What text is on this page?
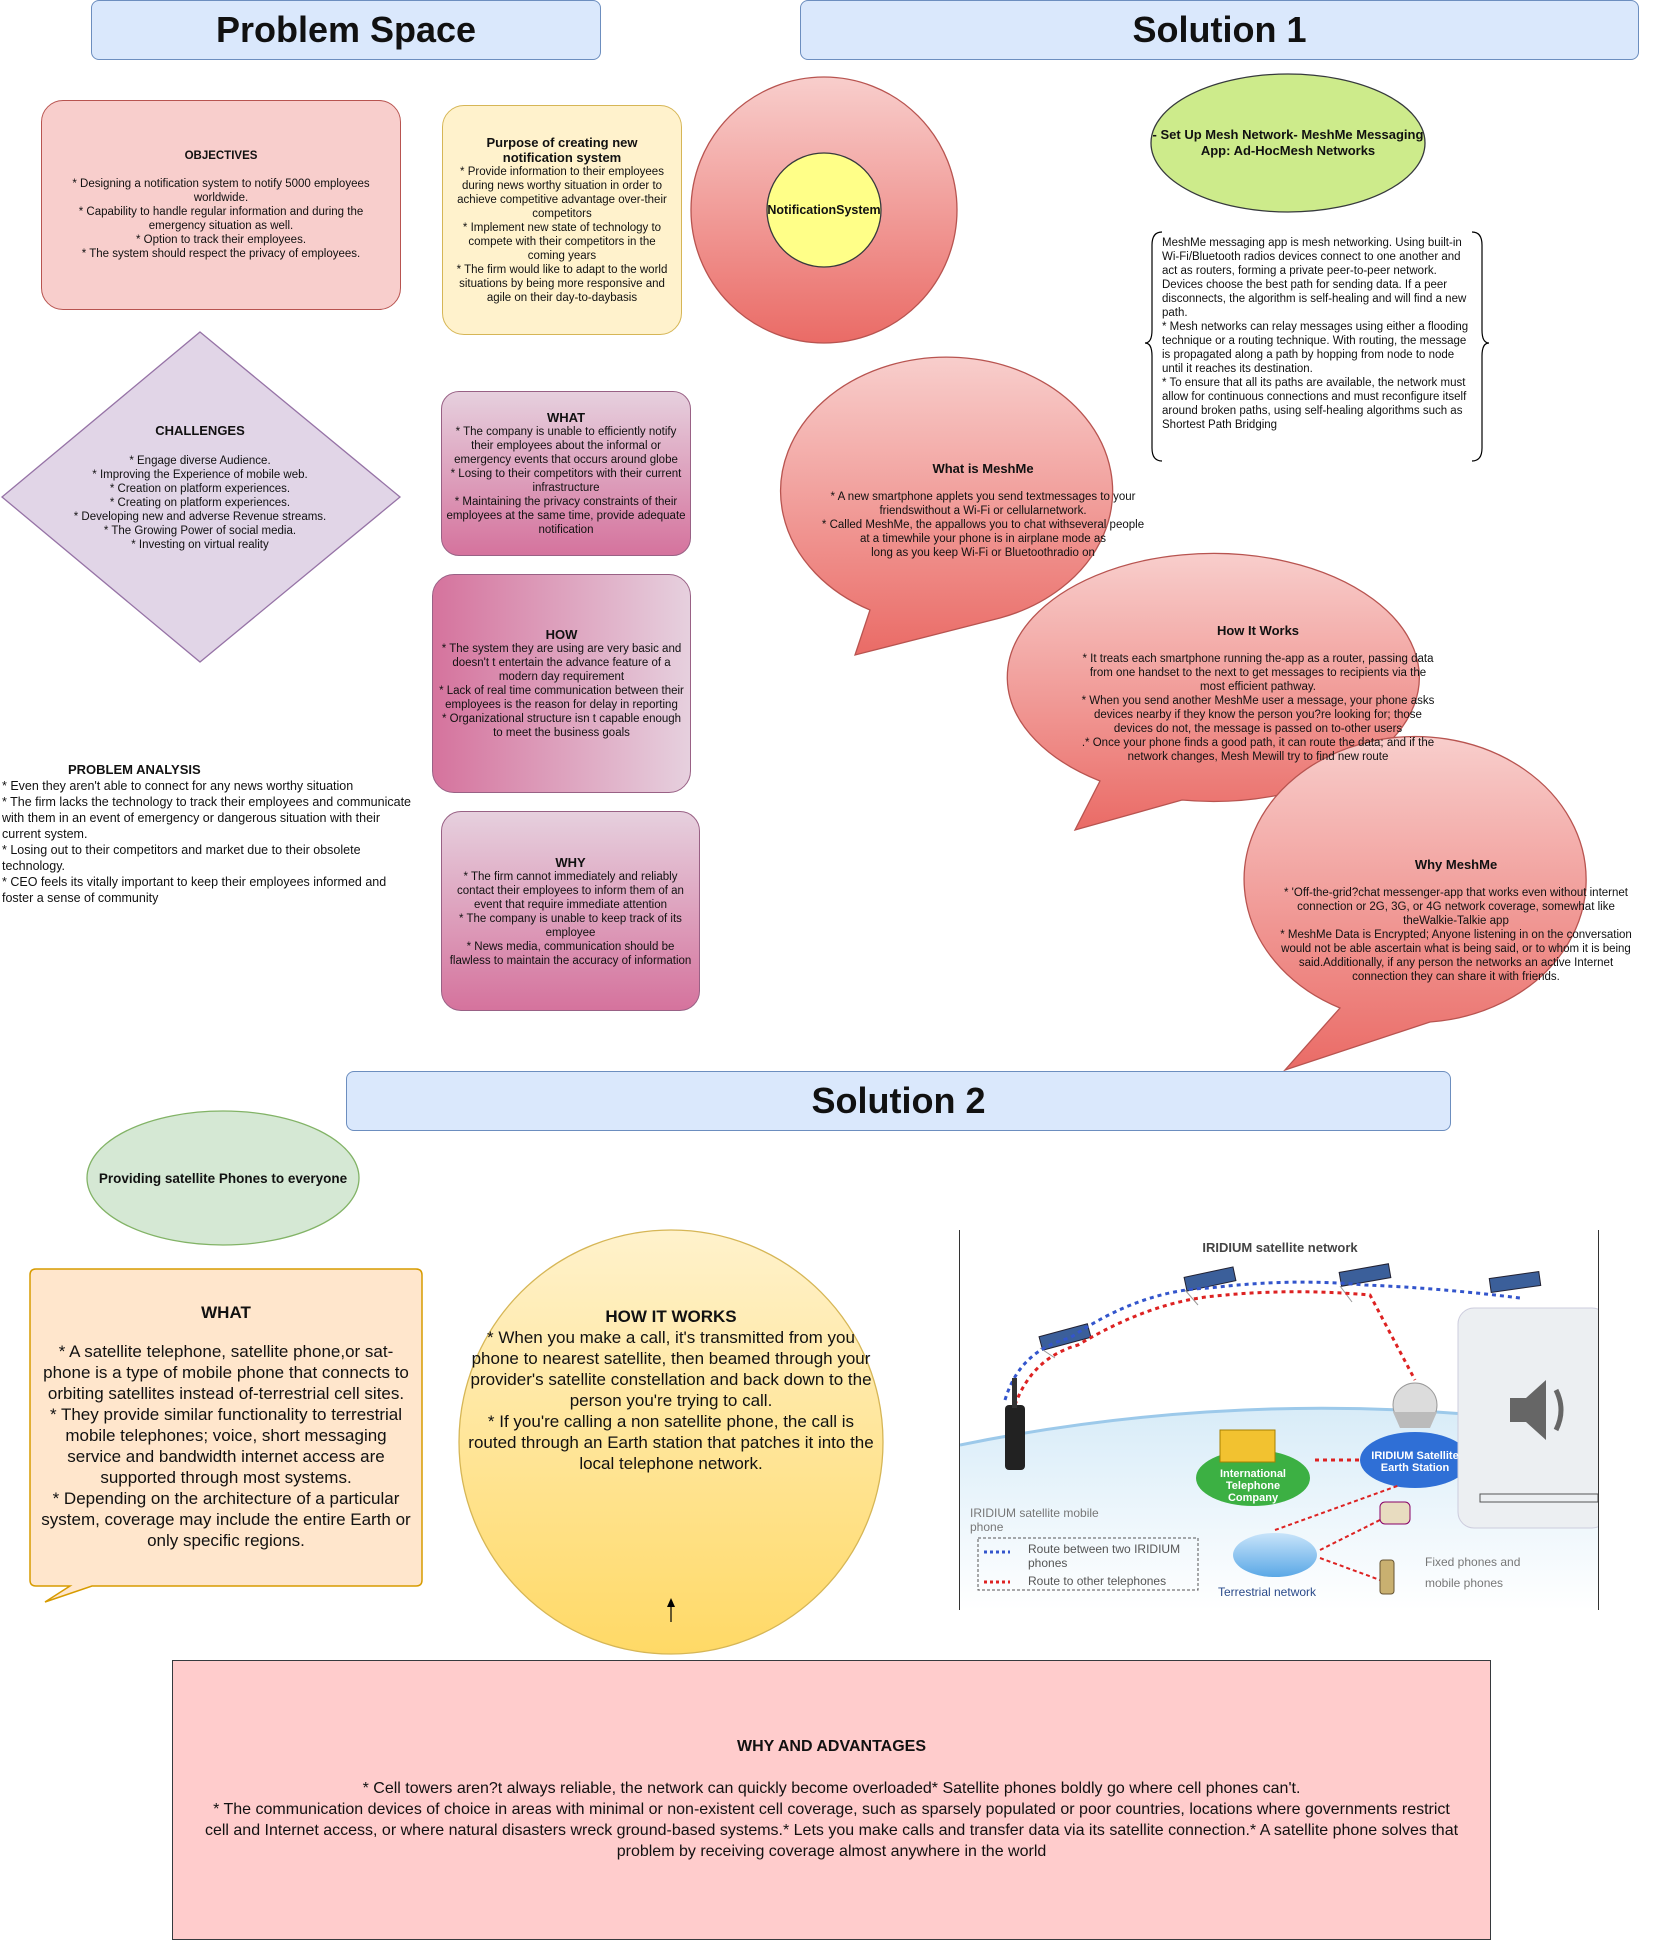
Problem Space	Solution 1
Solution 2
OBJECTIVES
* Designing a notification system to notify 5000 employees worldwide.
* Capability to handle regular information and during the emergency situation as well.
* Option to track their employees.
* The system should respect the privacy of employees.
Purpose of creating new notification system
* Provide information to their employees during news worthy situation in order to achieve competitive advantage over-their competitors
* Implement new state of technology to compete with their competitors in the coming years
* The firm would like to adapt to the world situations by being more responsive and agile on their day-to-daybasis
CHALLENGES
* Engage diverse Audience.
* Improving the Experience of mobile web.
* Creation on platform experiences.
* Creating on platform experiences.
* Developing new and adverse Revenue streams.
* The Growing Power of social media.
* Investing on virtual reality
WHAT
* The company is unable to efficiently notify their employees about the informal or emergency events that occurs around globe
* Losing to their competitors with their current infrastructure
* Maintaining the privacy constraints of their employees at the same time, provide adequate notification
HOW
* The system they are using are very basic and doesn't t entertain the advance feature of a modern day requirement
* Lack of real time communication between their employees is the reason for delay in reporting
* Organizational structure isn t capable enough to meet the business goals
WHY
* The firm cannot immediately and reliably contact their employees to inform them of an event that require immediate attention
* The company is unable to keep track of its employee
* News media, communication should be flawless to maintain the accuracy of information
PROBLEM ANALYSIS
* Even they aren't able to connect for any news worthy situation
* The firm lacks the technology to track their employees and communicate with them in an event of emergency or dangerous situation with their current system.
* Losing out to their competitors and market due to their obsolete technology.
* CEO feels its vitally important to keep their employees informed and foster a sense of community
NotificationSystem
- Set Up Mesh Network- MeshMe Messaging App: Ad-HocMesh Networks
MeshMe messaging app is mesh networking. Using built-in Wi-Fi/Bluetooth radios devices connect to one another and act as routers, forming a private peer-to-peer network. Devices choose the best path for sending data. If a peer disconnects, the algorithm is self-healing and will find a new path.
* Mesh networks can relay messages using either a flooding technique or a routing technique. With routing, the message is propagated along a path by hopping from node to node until it reaches its destination.
* To ensure that all its paths are available, the network must allow for continuous connections and must reconfigure itself around broken paths, using self-healing algorithms such as Shortest Path Bridging
What is MeshMe
* A new smartphone applets you send textmessages to your friendswithout a Wi-Fi or cellularnetwork.
* Called MeshMe, the appallows you to chat withseveral people at a timewhile your phone is in airplane mode as
long as you keep Wi-Fi or Bluetoothradio on
How It Works
* It treats each smartphone running the-app as a router, passing data from one handset to the next to get messages to recipients via the most efficient pathway.
* When you send another MeshMe user a message, your phone asks devices nearby if they know the person you?re looking for; those devices do not, the message is passed on to-other users
.* Once your phone finds a good path, it can route the data; and if the network changes, Mesh Mewill try to find new route
Why MeshMe
* 'Off-the-grid?chat messenger-app that works even without internet connection or 2G, 3G, or 4G network coverage, somewhat like theWalkie-Talkie app
* MeshMe Data is Encrypted; Anyone listening in on the conversation would not be able ascertain what is being said, or to whom it is being said.Additionally, if any person the networks an active Internet connection they can share it with friends.
Providing satellite Phones to everyone
WHAT
* A satellite telephone, satellite phone,or sat-phone is a type of mobile phone that connects to orbiting satellites instead of-terrestrial cell sites.
* They provide similar functionality to terrestrial mobile telephones; voice, short messaging service and bandwidth internet access are supported through most systems.
* Depending on the architecture of a particular system, coverage may include the entire Earth or only specific regions.
HOW IT WORKS
* When you make a call, it's transmitted from you phone to nearest satellite, then beamed through your provider's satellite constellation and back down to the person you're trying to call.
* If you're calling a non satellite phone, the call is routed through an Earth station that patches it into the local telephone network.
IRIDIUM satellite network
International Telephone Company
IRIDIUM Satellite Earth Station
IRIDIUM satellite mobile phone
Route between two IRIDIUM phones
Route to other telephones
Terrestrial network
Fixed phones and mobile phones
WHY AND ADVANTAGES
* Cell towers aren?t always reliable, the network can quickly become overloaded* Satellite phones boldly go where cell phones can't.
* The communication devices of choice in areas with minimal or non-existent cell coverage, such as sparsely populated or poor countries, locations where governments restrict cell and Internet access, or where natural disasters wreck ground-based systems.* Lets you make calls and transfer data via its satellite connection.* A satellite phone solves that problem by receiving coverage almost anywhere in the world
